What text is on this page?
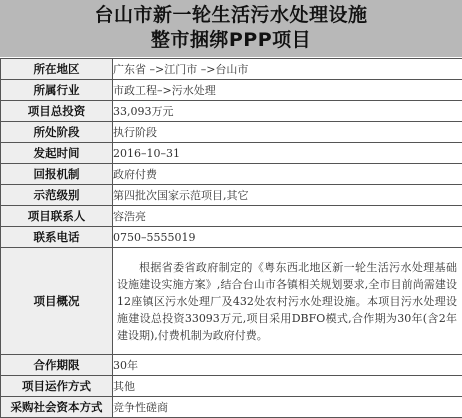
台山市新一轮生活污水处理设施
整市捆绑PPP项目
所在地区	广东省 –>江门市 –>台山市
所属行业	市政工程–>污水处理
项目总投资	33,093万元
所处阶段	执行阶段
发起时间	2016–10–31
回报机制	政府付费
示范级别	第四批次国家示范项目,其它
项目联系人	容浩亮
联系电话	0750–5555019
项目概况	根据省委省政府制定的《粤东西北地区新一轮生活污水处理基础设施建设实施方案》,结合台山市各镇相关规划要求,全市目前尚需建设12座镇区污水处理厂及432处农村污水处理设施。本项目污水处理设施建设总投资33093万元,项目采用DBFO模式,合作期为30年(含2年建设期),付费机制为政府付费。
合作期限	30年
项目运作方式	其他
采购社会资本方式	竞争性磋商
